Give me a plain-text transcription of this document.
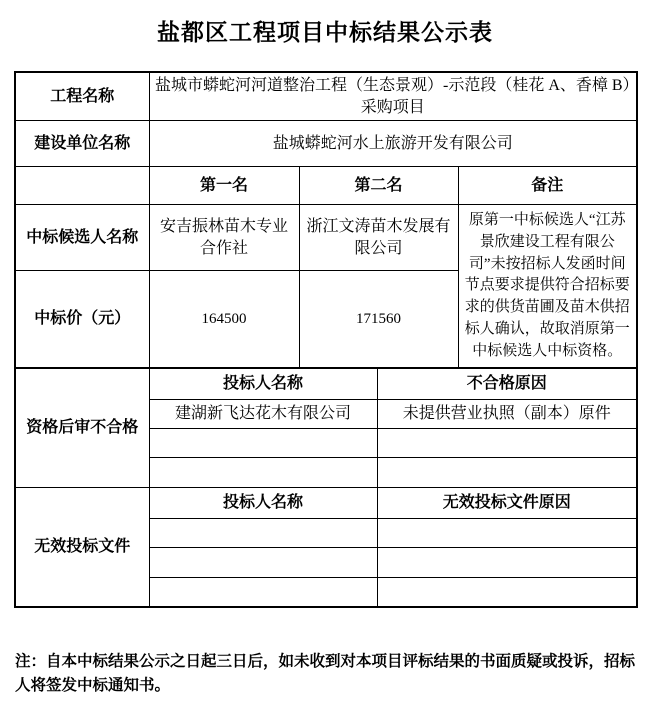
盐都区工程项目中标结果公示表
工程名称	盐城市蟒蛇河河道整治工程（生态景观）-示范段（桂花 A、香樟 B）采购项目		
建设单位名称	盐城蟒蛇河水上旅游开发有限公司		
	第一名	第二名	备注
中标候选人名称	安吉振林苗木专业合作社	浙江文涛苗木发展有限公司	原第一中标候选人“江苏景欣建设工程有限公司”未按招标人发函时间节点要求提供符合招标要求的供货苗圃及苗木供招标人确认，故取消原第一中标候选人中标资格。
中标价（元）	164500	171560	
资格后审不合格	投标人名称	不合格原因
	建湖新飞达花木有限公司	未提供营业执照（副本）原件

无效投标文件	投标人名称	无效投标文件原因

注：自本中标结果公示之日起三日后，如未收到对本项目评标结果的书面质疑或投诉，招标人将签发中标通知书。
